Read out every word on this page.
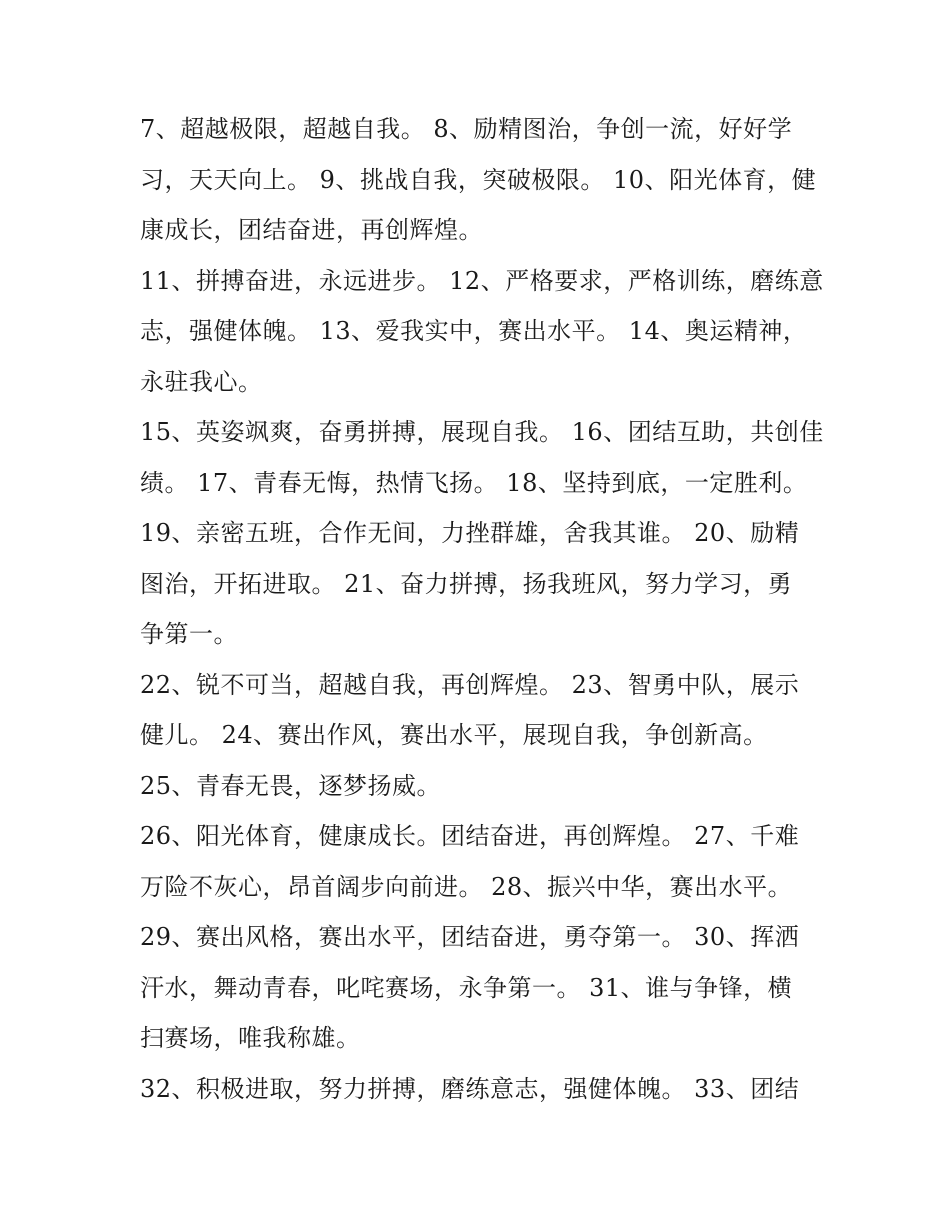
7、超越极限，超越自我。 8、励精图治，争创一流，好好学
习，天天向上。 9、挑战自我，突破极限。 10、阳光体育，健
康成长，团结奋进，再创辉煌。
11、拼搏奋进，永远进步。 12、严格要求，严格训练，磨练意
志，强健体魄。 13、爱我实中，赛出水平。 14、奥运精神，
永驻我心。
15、英姿飒爽，奋勇拼搏，展现自我。 16、团结互助，共创佳
绩。 17、青春无悔，热情飞扬。 18、坚持到底，一定胜利。
19、亲密五班，合作无间，力挫群雄，舍我其谁。 20、励精
图治，开拓进取。 21、奋力拼搏，扬我班风，努力学习，勇
争第一。
22、锐不可当，超越自我，再创辉煌。 23、智勇中队，展示
健儿。 24、赛出作风，赛出水平，展现自我，争创新高。
25、青春无畏，逐梦扬威。
26、阳光体育，健康成长。团结奋进，再创辉煌。 27、千难
万险不灰心，昂首阔步向前进。 28、振兴中华，赛出水平。
29、赛出风格，赛出水平，团结奋进，勇夺第一。 30、挥洒
汗水，舞动青春，叱咤赛场，永争第一。 31、谁与争锋，横
扫赛场，唯我称雄。
32、积极进取，努力拼搏，磨练意志，强健体魄。 33、团结
